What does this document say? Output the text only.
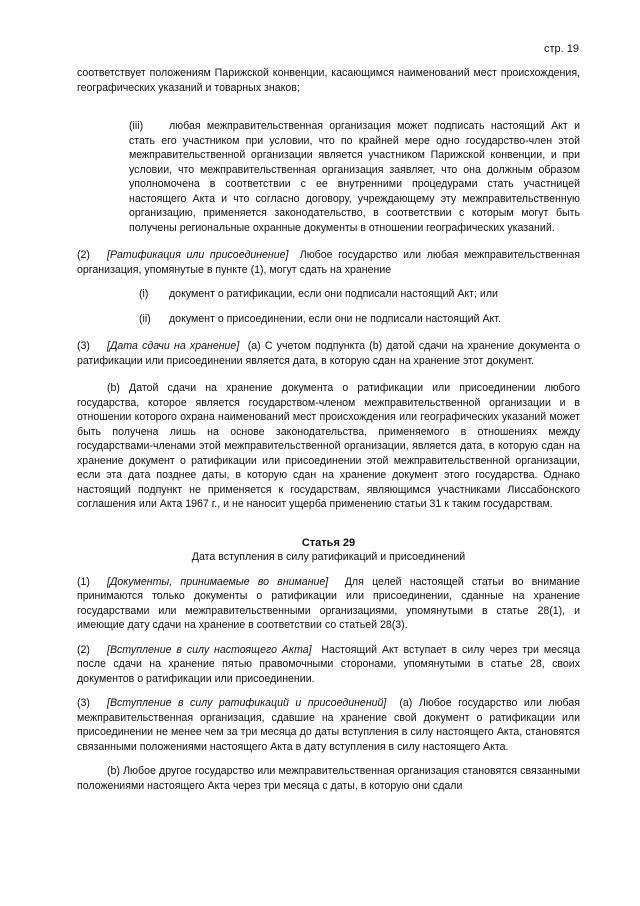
стр. 19

соответствует положениям Парижской конвенции, касающимся наименований мест происхождения, географических указаний и товарных знаков;

(iii) любая межправительственная организация может подписать настоящий Акт и стать его участником при условии, что по крайней мере одно государство-член этой межправительственной организации является участником Парижской конвенции, и при условии, что межправительственная организация заявляет, что она должным образом уполномочена в соответствии с ее внутренними процедурами стать участницей настоящего Акта и что согласно договору, учреждающему эту межправительственную организацию, применяется законодательство, в соответствии с которым могут быть получены региональные охранные документы в отношении географических указаний.

(2) [Ратификация или присоединение] Любое государство или любая межправительственная организация, упомянутые в пункте (1), могут сдать на хранение

(i) документ о ратификации, если они подписали настоящий Акт; или
(ii) документ о присоединении, если они не подписали настоящий Акт.

(3) [Дата сдачи на хранение] (a) С учетом подпункта (b) датой сдачи на хранение документа о ратификации или присоединении является дата, в которую сдан на хранение этот документ.

(b) Датой сдачи на хранение документа о ратификации или присоединении любого государства, которое является государством-членом межправительственной организации и в отношении которого охрана наименований мест происхождения или географических указаний может быть получена лишь на основе законодательства, применяемого в отношениях между государствами-членами этой межправительственной организации, является дата, в которую сдан на хранение документ о ратификации или присоединении этой межправительственной организации, если эта дата позднее даты, в которую сдан на хранение документ этого государства. Однако настоящий подпункт не применяется к государствам, являющимся участниками Лиссабонского соглашения или Акта 1967 г., и не наносит ущерба применению статьи 31 к таким государствам.

Статья 29
Дата вступления в силу ратификаций и присоединений

(1) [Документы, принимаемые во внимание] Для целей настоящей статьи во внимание принимаются только документы о ратификации или присоединении, сданные на хранение государствами или межправительственными организациями, упомянутыми в статье 28(1), и имеющие дату сдачи на хранение в соответствии со статьей 28(3).

(2) [Вступление в силу настоящего Акта] Настоящий Акт вступает в силу через три месяца после сдачи на хранение пятью правомочными сторонами, упомянутыми в статье 28, своих документов о ратификации или присоединении.

(3) [Вступление в силу ратификаций и присоединений] (a) Любое государство или любая межправительственная организация, сдавшие на хранение свой документ о ратификации или присоединении не менее чем за три месяца до даты вступления в силу настоящего Акта, становятся связанными положениями настоящего Акта в дату вступления в силу настоящего Акта.

(b) Любое другое государство или межправительственная организация становятся связанными положениями настоящего Акта через три месяца с даты, в которую они сдали
